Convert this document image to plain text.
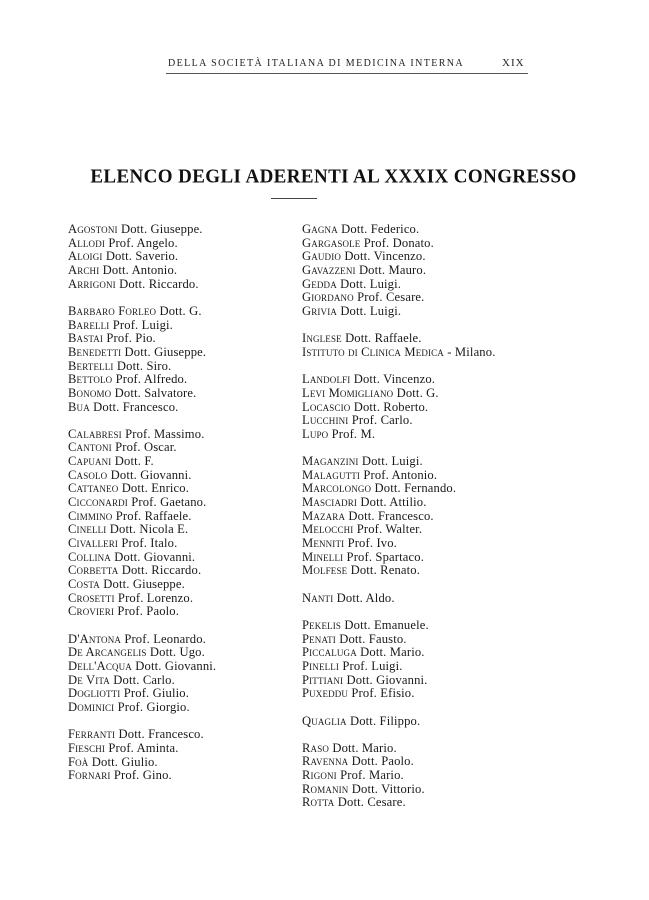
DELLA SOCIETÀ ITALIANA DI MEDICINA INTERNA	XIX
ELENCO DEGLI ADERENTI AL XXXIX CONGRESSO
Agostoni Dott. Giuseppe.
Allodi Prof. Angelo.
Aloigi Dott. Saverio.
Archi Dott. Antonio.
Arrigoni Dott. Riccardo.
Barbaro Forleo Dott. G.
Barelli Prof. Luigi.
Bastai Prof. Pio.
Benedetti Dott. Giuseppe.
Bertelli Dott. Siro.
Bettolo Prof. Alfredo.
Bonomo Dott. Salvatore.
Bua Dott. Francesco.
Calabresi Prof. Massimo.
Cantoni Prof. Oscar.
Capuani Dott. F.
Casolo Dott. Giovanni.
Cattaneo Dott. Enrico.
Cicconardi Prof. Gaetano.
Cimmino Prof. Raffaele.
Cinelli Dott. Nicola E.
Civalleri Prof. Italo.
Collina Dott. Giovanni.
Corbetta Dott. Riccardo.
Costa Dott. Giuseppe.
Crosetti Prof. Lorenzo.
Crovieri Prof. Paolo.
D'Antona Prof. Leonardo.
De Arcangelis Dott. Ugo.
Dell'Acqua Dott. Giovanni.
De Vita Dott. Carlo.
Dogliotti Prof. Giulio.
Dominici Prof. Giorgio.
Ferranti Dott. Francesco.
Fieschi Prof. Aminta.
Foà Dott. Giulio.
Fornari Prof. Gino.
Gagna Dott. Federico.
Gargasole Prof. Donato.
Gaudio Dott. Vincenzo.
Gavazzeni Dott. Mauro.
Gedda Dott. Luigi.
Giordano Prof. Cesare.
Grivia Dott. Luigi.
Inglese Dott. Raffaele.
Istituto di Clinica Medica - Milano.
Landolfi Dott. Vincenzo.
Levi Momigliano Dott. G.
Locascio Dott. Roberto.
Lucchini Prof. Carlo.
Lupo Prof. M.
Maganzini Dott. Luigi.
Malagutti Prof. Antonio.
Marcolongo Dott. Fernando.
Masciadri Dott. Attilio.
Mazara Dott. Francesco.
Melocchi Prof. Walter.
Menniti Prof. Ivo.
Minelli Prof. Spartaco.
Molfese Dott. Renato.
Nanti Dott. Aldo.
Pekelis Dott. Emanuele.
Penati Dott. Fausto.
Piccaluga Dott. Mario.
Pinelli Prof. Luigi.
Pittiani Dott. Giovanni.
Puxeddu Prof. Efisio.
Quaglia Dott. Filippo.
Raso Dott. Mario.
Ravenna Dott. Paolo.
Rigoni Prof. Mario.
Romanin Dott. Vittorio.
Rotta Dott. Cesare.
